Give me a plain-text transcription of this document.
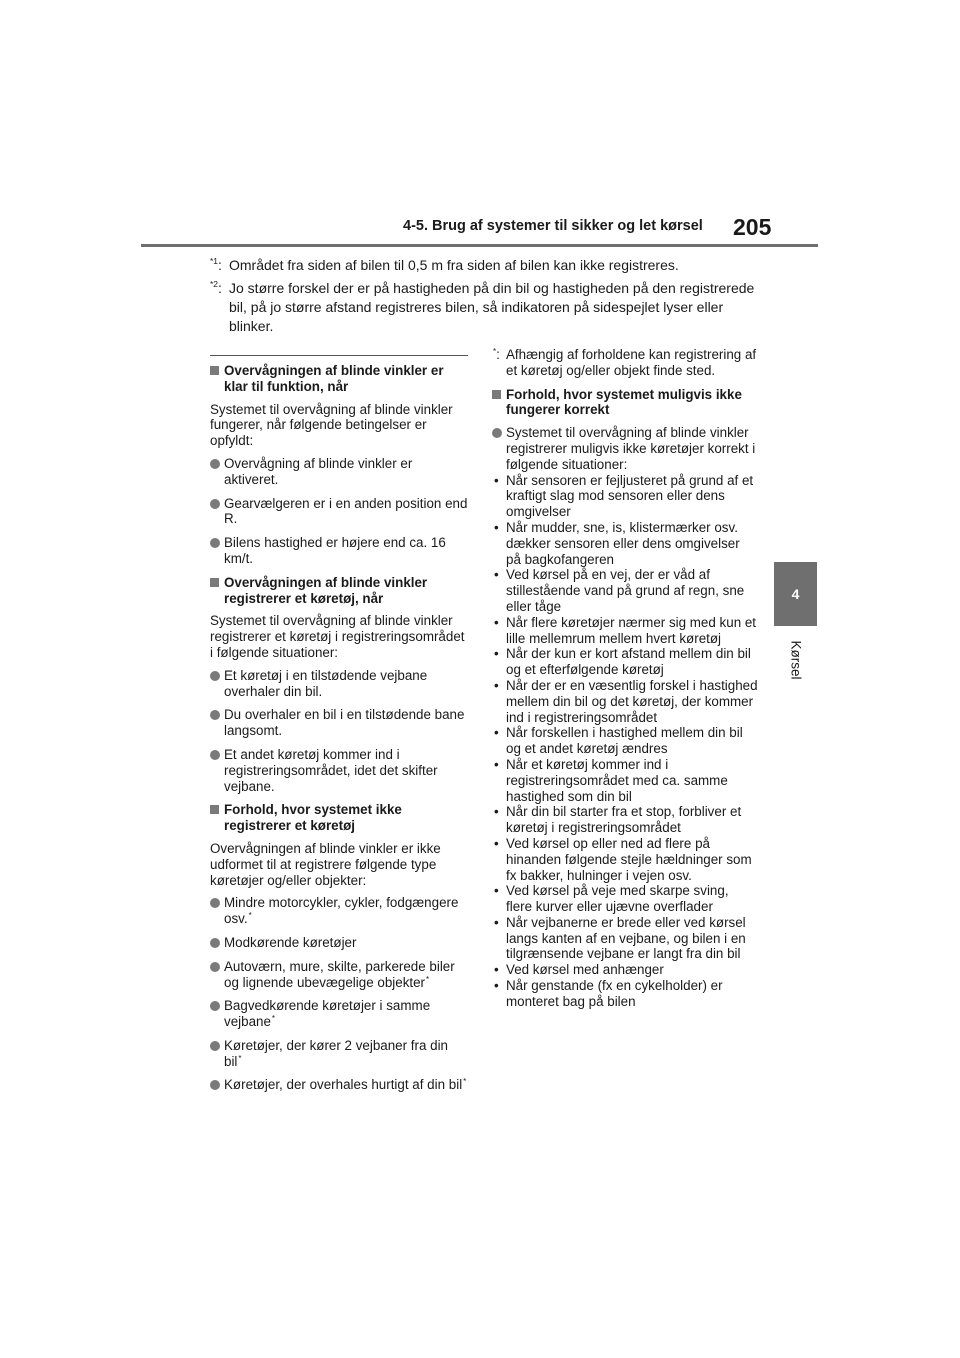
4-5. Brug af systemer til sikker og let kørsel 205
4
Kørsel
$^{*1}$: Området fra siden af bilen til 0,5 m fra siden af bilen kan ikke registreres.
$^{*2}$: Jo større forskel der er på hastigheden på din bil og hastigheden på den registrerede bil, på jo større afstand registreres bilen, så indikatoren på sidespejlet lyser eller blinker.
Overvågningen af blinde vinkler er klar til funktion, når
Systemet til overvågning af blinde vinkler fungerer, når følgende betingelser er opfyldt:
Overvågning af blinde vinkler er aktiveret.
Gearvælgeren er i en anden position end R.
Bilens hastighed er højere end ca. 16 km/t.
Overvågningen af blinde vinkler registrerer et køretøj, når
Systemet til overvågning af blinde vinkler registrerer et køretøj i registreringsområdet i følgende situationer:
Et køretøj i en tilstødende vejbane overhaler din bil.
Du overhaler en bil i en tilstødende bane langsomt.
Et andet køretøj kommer ind i registreringsområdet, idet det skifter vejbane.
Forhold, hvor systemet ikke registrerer et køretøj
Overvågningen af blinde vinkler er ikke udformet til at registrere følgende type køretøjer og/eller objekter:
Mindre motorcykler, cykler, fodgængere osv.*
Modkørende køretøjer
Autoværn, mure, skilte, parkerede biler og lignende ubevægelige objekter*
Bagvedkørende køretøjer i samme vejbane*
Køretøjer, der kører 2 vejbaner fra din bil*
Køretøjer, der overhales hurtigt af din bil*
*: Afhængig af forholdene kan registrering af et køretøj og/eller objekt finde sted.
Forhold, hvor systemet muligvis ikke fungerer korrekt
Systemet til overvågning af blinde vinkler registrerer muligvis ikke køretøjer korrekt i følgende situationer:
• Når sensoren er fejljusteret på grund af et kraftigt slag mod sensoren eller dens omgivelser
• Når mudder, sne, is, klistermærker osv. dækker sensoren eller dens omgivelser på bagkofangeren
• Ved kørsel på en vej, der er våd af stillestående vand på grund af regn, sne eller tåge
• Når flere køretøjer nærmer sig med kun et lille mellemrum mellem hvert køretøj
• Når der kun er kort afstand mellem din bil og et efterfølgende køretøj
• Når der er en væsentlig forskel i hastighed mellem din bil og det køretøj, der kommer ind i registreringsområdet
• Når forskellen i hastighed mellem din bil og et andet køretøj ændres
• Når et køretøj kommer ind i registreringsområdet med ca. samme hastighed som din bil
• Når din bil starter fra et stop, forbliver et køretøj i registreringsområdet
• Ved kørsel op eller ned ad flere på hinanden følgende stejle hældninger som fx bakker, hulninger i vejen osv.
• Ved kørsel på veje med skarpe sving, flere kurver eller ujævne overflader
• Når vejbanerne er brede eller ved kørsel langs kanten af en vejbane, og bilen i en tilgrænsende vejbane er langt fra din bil
• Ved kørsel med anhænger
• Når genstande (fx en cykelholder) er monteret bag på bilen
